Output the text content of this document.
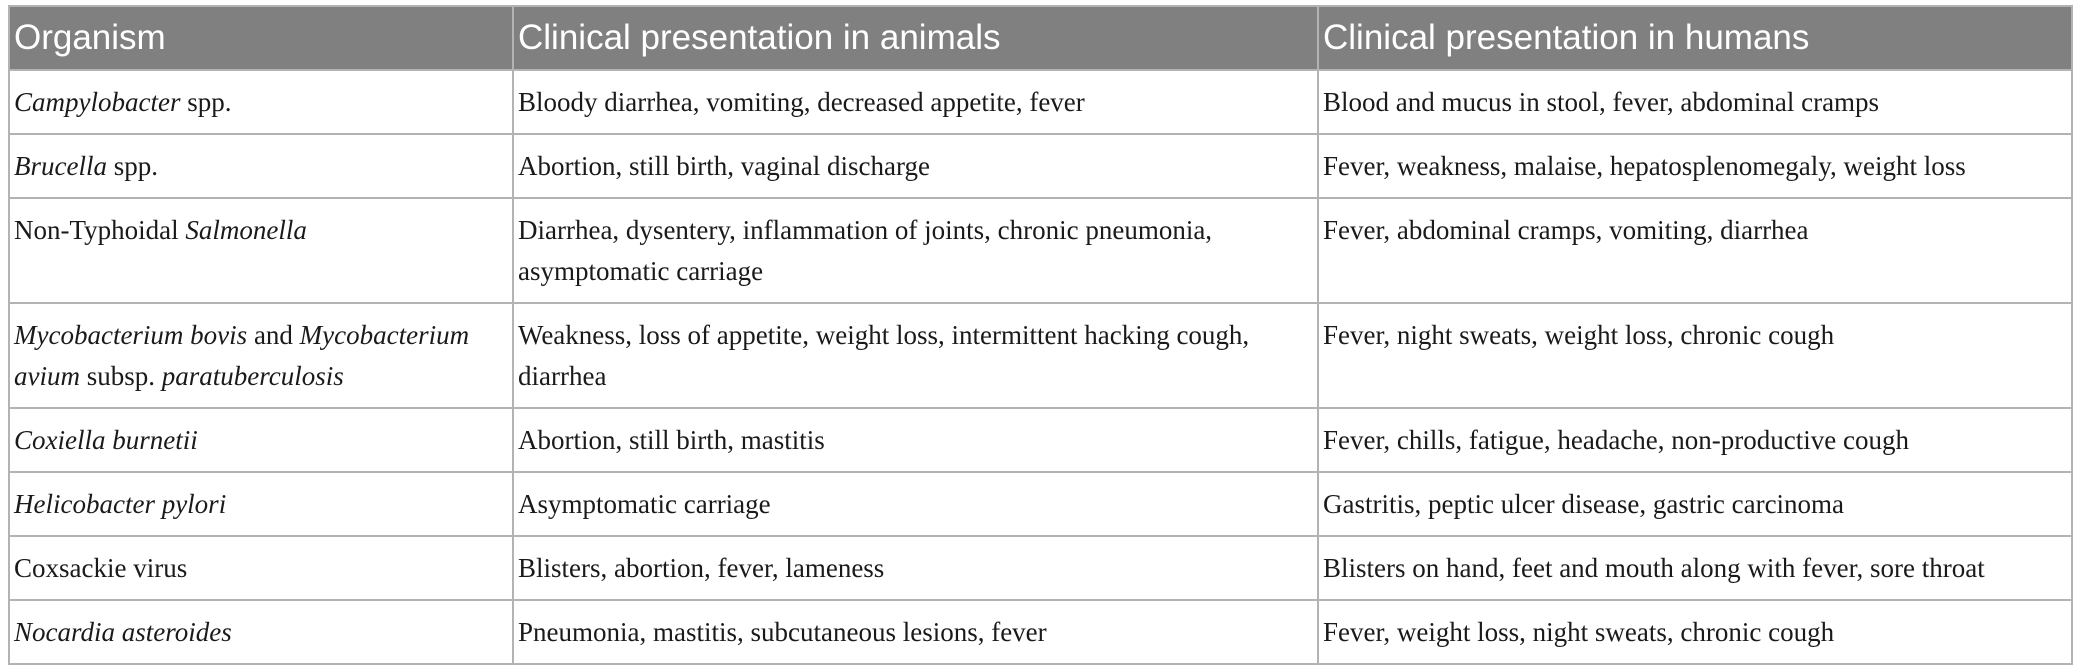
Organism	Clinical presentation in animals	Clinical presentation in humans
Campylobacter spp.	Bloody diarrhea, vomiting, decreased appetite, fever	Blood and mucus in stool, fever, abdominal cramps
Brucella spp.	Abortion, still birth, vaginal discharge	Fever, weakness, malaise, hepatosplenomegaly, weight loss
Non-Typhoidal Salmonella	Diarrhea, dysentery, inflammation of joints, chronic pneumonia, asymptomatic carriage	Fever, abdominal cramps, vomiting, diarrhea
Mycobacterium bovis and Mycobacterium avium subsp. paratuberculosis	Weakness, loss of appetite, weight loss, intermittent hacking cough, diarrhea	Fever, night sweats, weight loss, chronic cough
Coxiella burnetii	Abortion, still birth, mastitis	Fever, chills, fatigue, headache, non-productive cough
Helicobacter pylori	Asymptomatic carriage	Gastritis, peptic ulcer disease, gastric carcinoma
Coxsackie virus	Blisters, abortion, fever, lameness	Blisters on hand, feet and mouth along with fever, sore throat
Nocardia asteroides	Pneumonia, mastitis, subcutaneous lesions, fever	Fever, weight loss, night sweats, chronic cough
